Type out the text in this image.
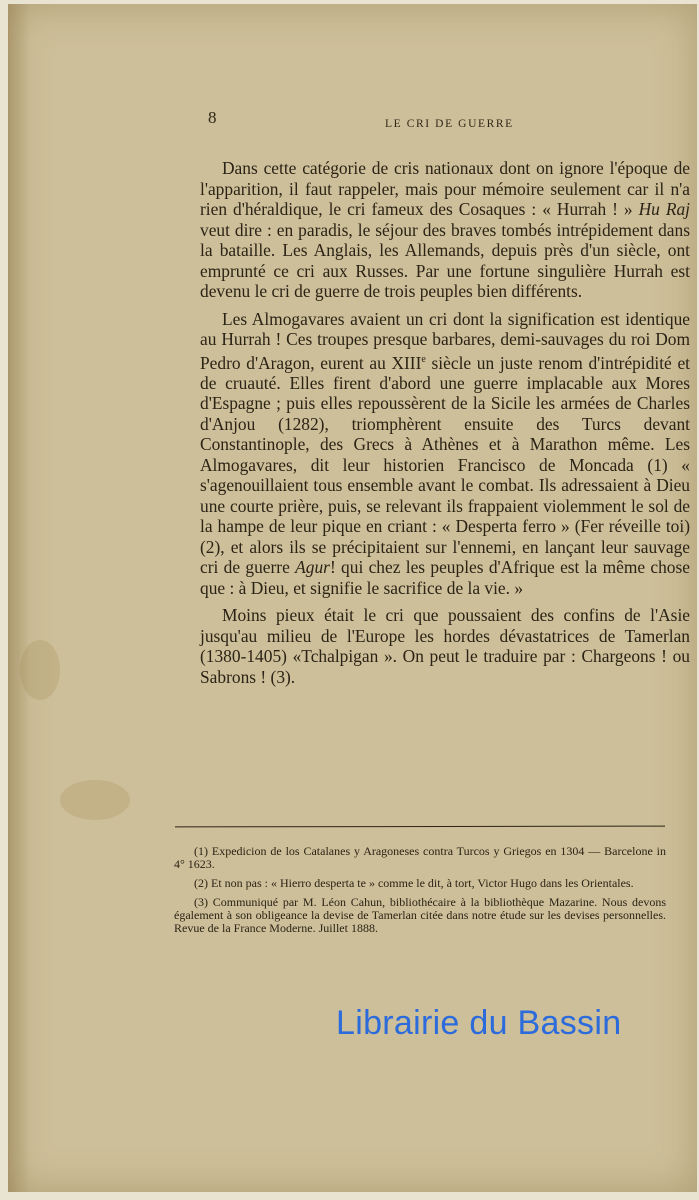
8	LE CRI DE GUERRE

Dans cette catégorie de cris nationaux dont on ignore l'époque de l'apparition, il faut rappeler, mais pour mémoire seulement car il n'a rien d'héraldique, le cri fameux des Cosaques : « Hurrah ! » Hu Raj veut dire : en paradis, le séjour des braves tombés intrépidement dans la bataille. Les Anglais, les Allemands, depuis près d'un siècle, ont emprunté ce cri aux Russes. Par une fortune singulière Hurrah est devenu le cri de guerre de trois peuples bien différents.

Les Almogavares avaient un cri dont la signification est identique au Hurrah ! Ces troupes presque barbares, demi-sauvages du roi Dom Pedro d'Aragon, eurent au XIIIe siècle un juste renom d'intrépidité et de cruauté. Elles firent d'abord une guerre implacable aux Mores d'Espagne ; puis elles repoussèrent de la Sicile les armées de Charles d'Anjou (1282), triomphèrent ensuite des Turcs devant Constantinople, des Grecs à Athènes et à Marathon même. Les Almogavares, dit leur historien Francisco de Moncada (1) « s'agenouillaient tous ensemble avant le combat. Ils adressaient à Dieu une courte prière, puis, se relevant ils frappaient violemment le sol de la hampe de leur pique en criant : « Desperta ferro » (Fer réveille toi) (2), et alors ils se précipitaient sur l'ennemi, en lançant leur sauvage cri de guerre Agur! qui chez les peuples d'Afrique est la même chose que : à Dieu, et signifie le sacrifice de la vie. »

Moins pieux était le cri que poussaient des confins de l'Asie jusqu'au milieu de l'Europe les hordes dévastatrices de Tamerlan (1380-1405) «Tchalpigan ». On peut le traduire par : Chargeons ! ou Sabrons ! (3).

(1) Expedicion de los Catalanes y Aragoneses contra Turcos y Griegos en 1304 — Barcelone in 4° 1623.

(2) Et non pas : « Hierro desperta te » comme le dit, à tort, Victor Hugo dans les Orientales.

(3) Communiqué par M. Léon Cahun, bibliothécaire à la bibliothèque Mazarine. Nous devons également à son obligeance la devise de Tamerlan citée dans notre étude sur les devises personnelles. Revue de la France Moderne. Juillet 1888.

Librairie du Bassin
